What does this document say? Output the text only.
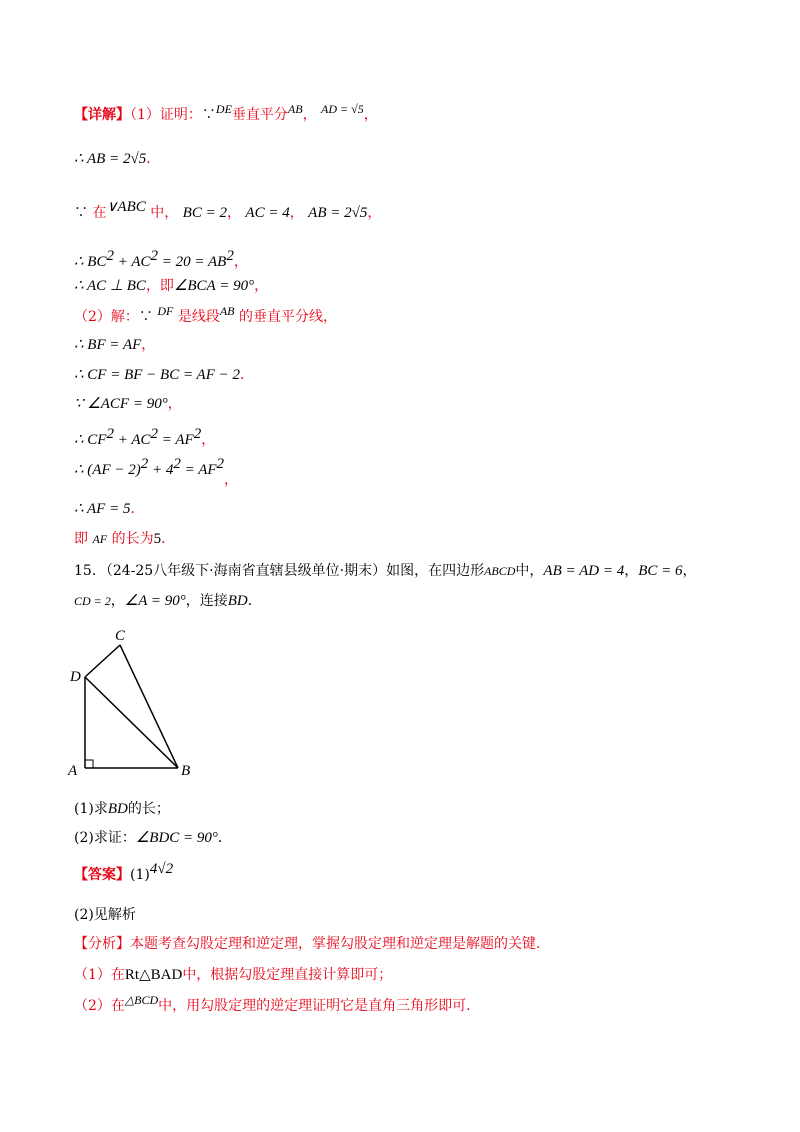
【详解】（1）证明：∵DE垂直平分AB， AD = √5，
∴ AB = 2√5．
∵ 在∨ABC 中， BC = 2， AC = 4， AB = 2√5，
∴ $BC^2 + AC^2 = 20 = AB^2$，
∴ AC ⊥ BC，即∠BCA = 90°，
（2）解：∵ DF 是线段AB 的垂直平分线，
∴ BF = AF，
∴ CF = BF − BC = AF − 2．
∵ ∠ACF = 90°，
∴ $CF^2 + AC^2 = AF^2$，
∴ $(AF - 2)^2 + 4^2 = AF^2$，
∴ AF = 5．
即 AF 的长为5．
15．（24-25八年级下·海南省直辖县级单位·期末）如图，在四边形ABCD中，AB = AD = 4，BC = 6，
CD = 2，∠A = 90°，连接BD．
A	B
C
D
(1)求BD的长；
(2)求证：∠BDC = 90°．
【答案】(1)4√2
(2)见解析
【分析】本题考查勾股定理和逆定理，掌握勾股定理和逆定理是解题的关键．
（1）在Rt△BAD中，根据勾股定理直接计算即可；
（2）在△BCD中，用勾股定理的逆定理证明它是直角三角形即可．
